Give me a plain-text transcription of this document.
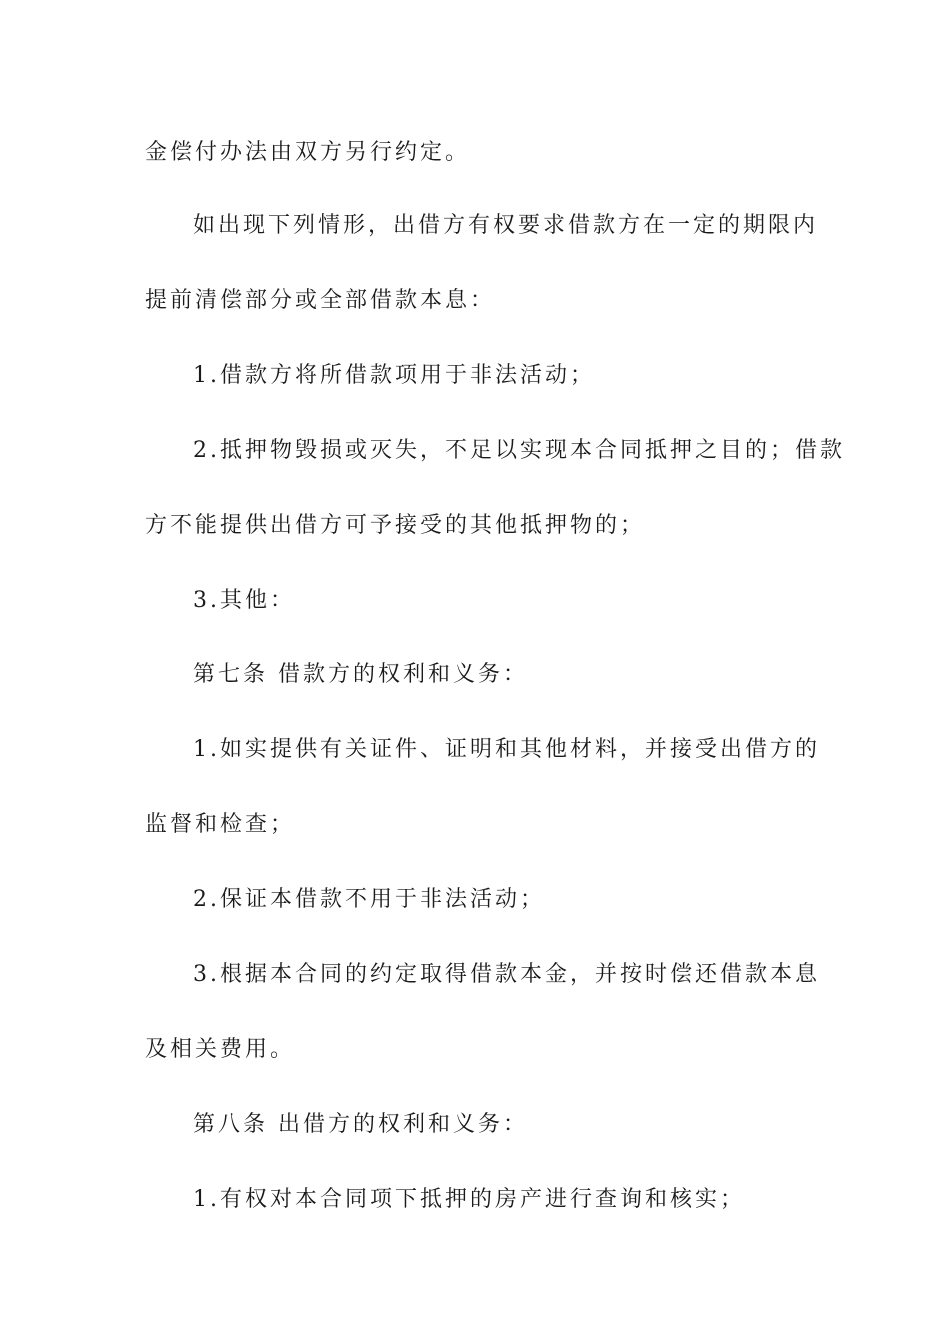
金偿付办法由双方另行约定。
如出现下列情形，出借方有权要求借款方在一定的期限内
提前清偿部分或全部借款本息：
1.借款方将所借款项用于非法活动；
2.抵押物毁损或灭失，不足以实现本合同抵押之目的；借款
方不能提供出借方可予接受的其他抵押物的；
3.其他：
第七条 借款方的权利和义务：
1.如实提供有关证件、证明和其他材料，并接受出借方的
监督和检查；
2.保证本借款不用于非法活动；
3.根据本合同的约定取得借款本金，并按时偿还借款本息
及相关费用。
第八条 出借方的权利和义务：
1.有权对本合同项下抵押的房产进行查询和核实；
